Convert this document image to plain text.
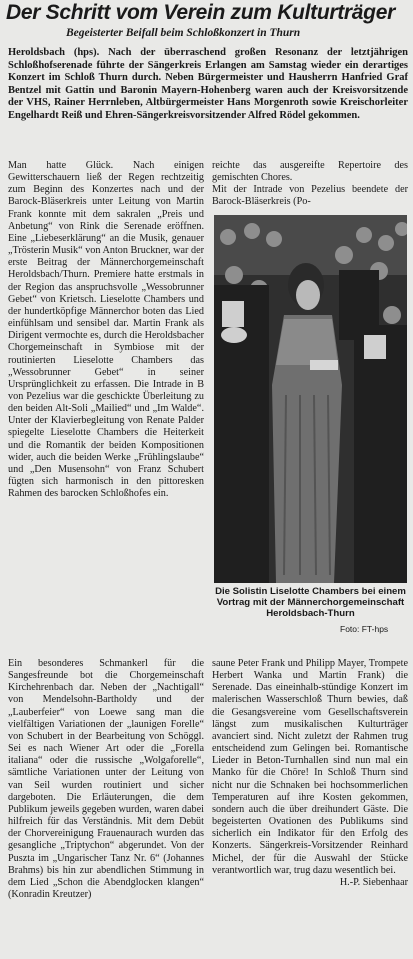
Der Schritt vom Verein zum Kulturträger
Begeisterter Beifall beim Schloßkonzert in Thurn

Heroldsbach (hps). Nach der überraschend großen Resonanz der letztjährigen Schloßhofserenade führte der Sängerkreis Erlangen am Samstag wieder ein derartiges Konzert im Schloß Thurn durch. Neben Bürgermeister und Hausherrn Hanfried Graf Bentzel mit Gattin und Baronin Mayern-Hohenberg waren auch der Kreisvorsitzende der VHS, Rainer Herrnleben, Altbürgermeister Hans Morgenroth sowie Kreischorleiter Engelhardt Reiß und Ehren-Sängerkreisvorsitzender Alfred Rödel gekommen.

Man hatte Glück. Nach einigen Gewitterschauern ließ der Regen rechtzeitig zum Beginn des Konzertes nach und der Barock-Bläserkreis unter Leitung von Martin Frank konnte mit dem sakralen „Preis und Anbetung“ von Rink die Serenade eröffnen. Eine „Liebeserklärung“ an die Musik, genauer „Trösterin Musik“ von Anton Bruckner, war der erste Beitrag der Männerchorgemeinschaft Heroldsbach/Thurn. Premiere hatte erstmals in der Region das anspruchsvolle „Wessobrunner Gebet“ von Krietsch. Lieselotte Chambers und der hundertköpfige Männerchor boten das Lied einfühlsam und sensibel dar. Martin Frank als Dirigent vermochte es, durch die Heroldsbacher Chorgemeinschaft in Symbiose mit der routinierten Lieselotte Chambers das „Wessobrunner Gebet“ in seiner Ursprünglichkeit zu erfassen. Die Intrade in B von Pezelius war die geschickte Überleitung zu den beiden Alt-Soli „Mailied“ und „Im Walde“. Unter der Klavierbegleitung von Renate Palder spiegelte Lieselotte Chambers die Heiterkeit und die Romantik der beiden Kompositionen wider, auch die beiden Werke „Frühlingslaube“ und „Den Musensohn“ von Franz Schubert fügten sich harmonisch in den pittoresken Rahmen des barocken Schloßhofes ein.

reichte das ausgereifte Repertoire des gemischten Chores.

Mit der Intrade von Pezelius beendete der Barock-Bläserkreis (Po-

Die Solistin Liselotte Chambers bei einem Vortrag mit der Männerchorgemeinschaft Heroldsbach-Thurn
Foto: FT-hps

Ein besonderes Schmankerl für die Sangesfreunde bot die Chorgemeinschaft Kirchehrenbach dar. Neben der „Nachtigall“ von Mendelsohn-Bartholdy und der „Lauberfeier“ von Loewe sang man die vielfältigen Variationen der „launigen Forelle“ von Schubert in der Bearbeitung von Schöggl. Sei es nach Wiener Art oder die „Forella italiana“ oder die russische „Wolgaforelle“, sämtliche Variationen unter der Leitung von van Seil wurden routiniert und sicher dargeboten. Die Erläuterungen, die dem Publikum jeweils gegeben wurden, waren dabei hilfreich für das Verständnis. Mit dem Debüt der Chorvereinigung Frauenaurach wurden das gesangliche „Triptychon“ abgerundet. Von der Puszta im „Ungarischer Tanz Nr. 6“ (Johannes Brahms) bis hin zur abendlichen Stimmung in dem Lied „Schon die Abendglocken klangen“ (Konradin Kreutzer)

saune Peter Frank und Philipp Mayer, Trompete Herbert Wanka und Martin Frank) die Serenade. Das eineinhalb-stündige Konzert im malerischen Wasserschloß Thurn bewies, daß die Gesangsvereine vom Gesellschaftsverein längst zum musikalischen Kulturträger avanciert sind. Nicht zuletzt der Rahmen trug entscheidend zum Gelingen bei. Romantische Lieder in Beton-Turnhallen sind nun mal ein Manko für die Chöre! In Schloß Thurn sind nicht nur die Schnaken bei hochsommerlichen Temperaturen auf ihre Kosten gekommen, sondern auch die über dreihundert Gäste. Die begeisterten Ovationen des Publikums sind sicherlich ein Indikator für den Erfolg des Konzerts. Sängerkreis-Vorsitzender Reinhard Michel, der für die Auswahl der Stücke verantwortlich war, trug dazu wesentlich bei.

H.-P. Siebenhaar
